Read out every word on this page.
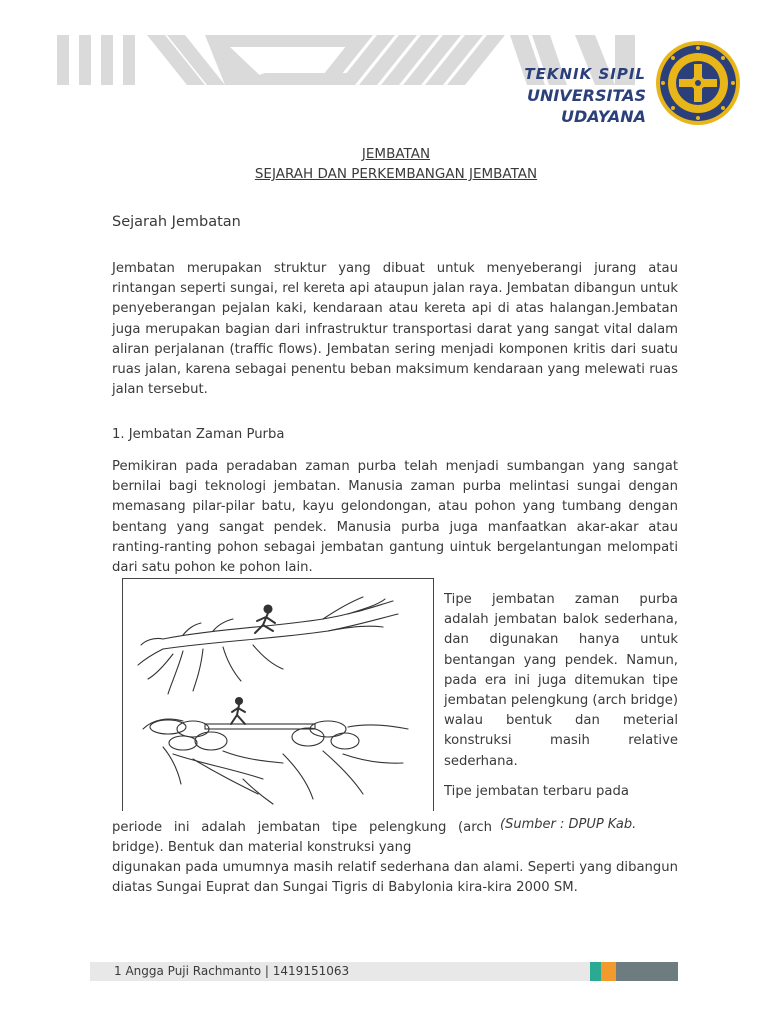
TEKNIK SIPIL
UNIVERSITAS
UDAYANA
JEMBATAN
SEJARAH DAN PERKEMBANGAN JEMBATAN
Sejarah Jembatan

Jembatan merupakan struktur yang dibuat untuk menyeberangi jurang atau rintangan seperti sungai, rel kereta api ataupun jalan raya. Jembatan dibangun untuk penyeberangan pejalan kaki, kendaraan atau kereta api di atas halangan.Jembatan juga merupakan bagian dari infrastruktur transportasi darat yang sangat vital dalam aliran perjalanan (traffic flows). Jembatan sering menjadi komponen kritis dari suatu ruas jalan, karena sebagai penentu beban maksimum kendaraan yang melewati ruas jalan tersebut.

1. Jembatan Zaman Purba

Pemikiran pada peradaban zaman purba telah menjadi sumbangan yang sangat bernilai bagi teknologi jembatan. Manusia zaman purba melintasi sungai dengan memasang pilar-pilar batu, kayu gelondongan, atau pohon yang tumbang dengan bentang yang sangat pendek. Manusia purba juga manfaatkan akar-akar atau ranting-ranting pohon sebagai jembatan gantung uintuk bergelantungan melompati dari satu pohon ke pohon lain.

Tipe jembatan zaman purba adalah jembatan balok sederhana, dan digunakan hanya untuk bentangan yang pendek. Namun, pada era ini juga ditemukan tipe jembatan pelengkung (arch bridge) walau bentuk dan meterial konstruksi masih relative sederhana.

Tipe jembatan terbaru pada

periode ini adalah jembatan tipe pelengkung (arch bridge). Bentuk dan material konstruksi yang

(Sumber : DPUP Kab.

digunakan pada umumnya masih relatif sederhana dan alami. Seperti yang dibangun diatas Sungai Euprat dan Sungai Tigris di Babylonia kira-kira 2000 SM.

1 Angga Puji Rachmanto | 1419151063
